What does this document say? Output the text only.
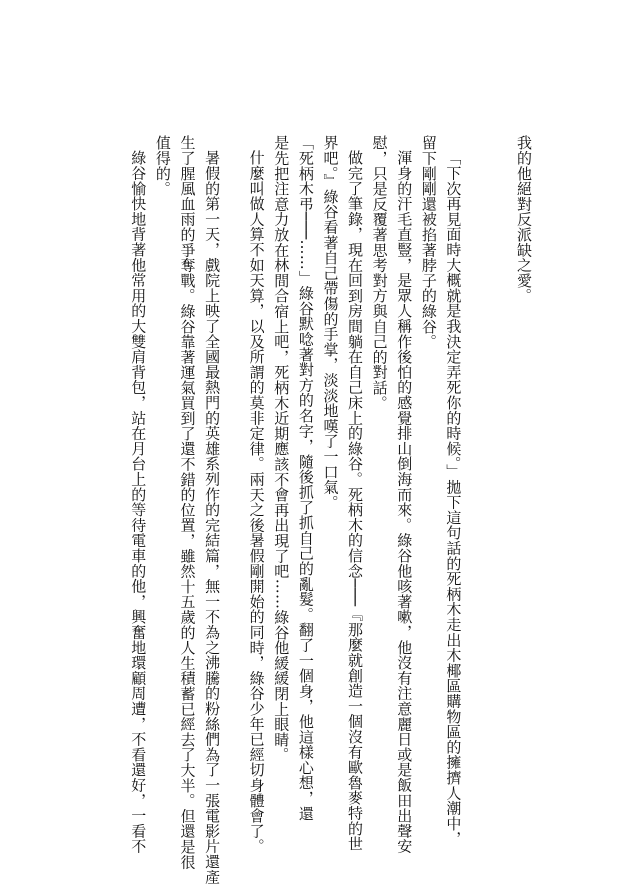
我的他絕對反派缺之愛。
「下次再見面時大概就是我決定弄死你的時候。」拋下這句話的死柄木走出木椰區購物區的擁擠人潮中，
留下剛剛還被掐著脖子的綠谷。
渾身的汗毛直豎，是眾人稱作後怕的感覺排山倒海而來。綠谷他咳著嗽，他沒有注意麗日或是飯田出聲安
慰，只是反覆著思考對方與自己的對話。
做完了筆錄，現在回到房間躺在自己床上的綠谷。死柄木的信念───『那麼就創造一個沒有歐魯麥特的世
界吧。』綠谷看著自己帶傷的手掌，淡淡地嘆了一口氣。
「死柄木弔───……」綠谷默唸著對方的名字，隨後抓了抓自己的亂髮。翻了一個身，他這樣心想，還
是先把注意力放在林間合宿上吧，死柄木近期應該不會再出現了吧……綠谷他緩緩閉上眼睛。
什麼叫做人算不如天算，以及所謂的莫非定律。兩天之後暑假剛開始的同時，綠谷少年已經切身體會了。
暑假的第一天，戲院上映了全國最熱門的英雄系列作的完結篇，無一不為之沸騰的粉絲們為了一張電影片還產
生了腥風血雨的爭奪戰。綠谷靠著運氣買到了還不錯的位置，雖然十五歲的人生積蓄已經去了大半。但還是很
值得的。
綠谷愉快地背著他常用的大雙肩背包，站在月台上的等待電車的他，興奮地環顧周遭，不看還好，一看不
